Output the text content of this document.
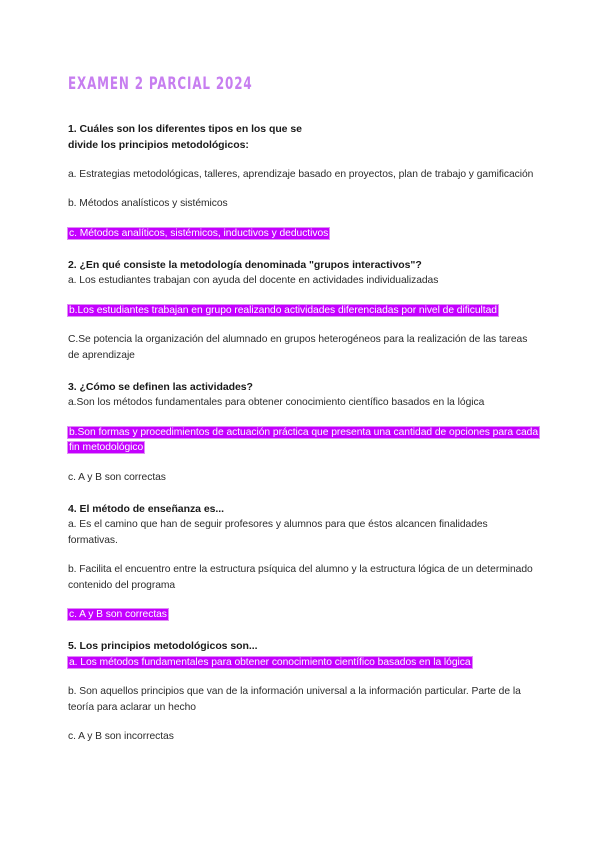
EXAMEN 2 PARCIAL 2024
1. Cuáles son los diferentes tipos en los que se
divide los principios metodológicos:

a. Estrategias metodológicas, talleres, aprendizaje basado en proyectos, plan de trabajo y gamificación

b. Métodos analísticos y sistémicos

c. Métodos analíticos, sistémicos, inductivos y deductivos

2. ¿En qué consiste la metodología denominada "grupos interactivos"?

a. Los estudiantes trabajan con ayuda del docente en actividades individualizadas

b.Los estudiantes trabajan en grupo realizando actividades diferenciadas por nivel de dificultad

C.Se potencia la organización del alumnado en grupos heterogéneos para la realización de las tareas de aprendizaje

3. ¿Cómo se definen las actividades?

a.Son los métodos fundamentales para obtener conocimiento científico basados en la lógica

b.Son formas y procedimientos de actuación práctica que presenta una cantidad de opciones para cada fin metodológico

c. A y B son correctas

4. El método de enseñanza es...

a. Es el camino que han de seguir profesores y alumnos para que éstos alcancen finalidades formativas.

b. Facilita el encuentro entre la estructura psíquica del alumno y la estructura lógica de un determinado contenido del programa

c. A y B son correctas

5. Los principios metodológicos son...

a. Los métodos fundamentales para obtener conocimiento científico basados en la lógica

b. Son aquellos principios que van de la información universal a la información particular. Parte de la teoría para aclarar un hecho

c. A y B son incorrectas
